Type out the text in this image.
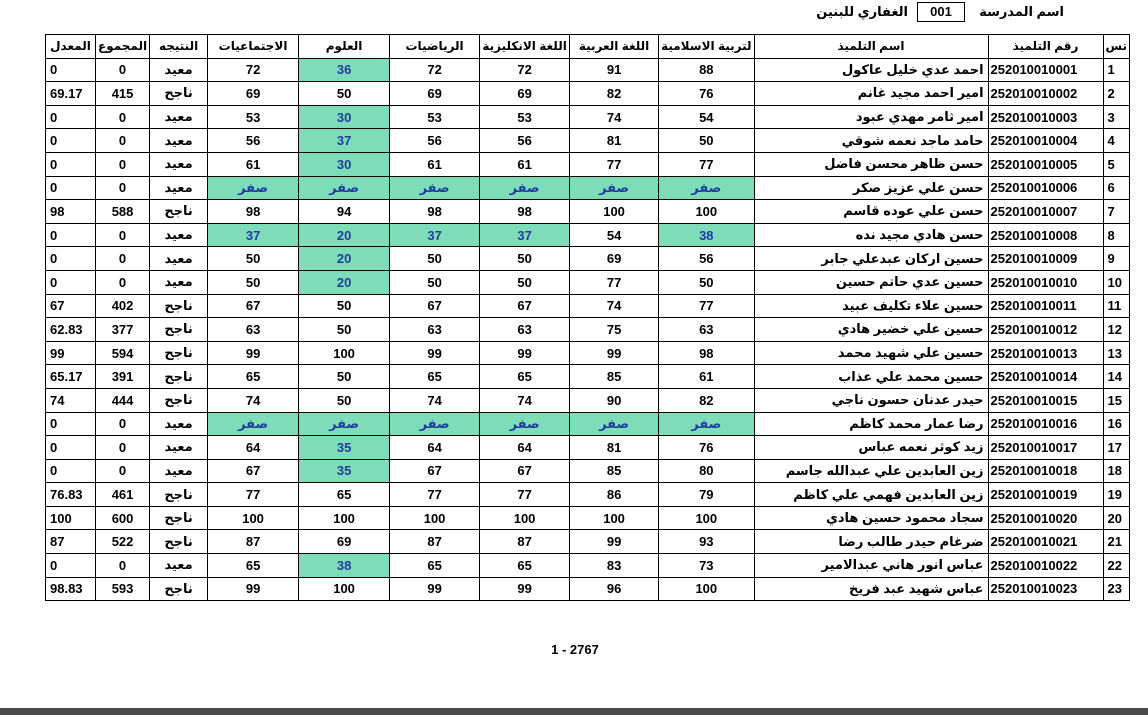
اسم المدرسة
001
الغفاري للبنين
المعدل	المجموع	النتيجه	الاجتماعيات	العلوم	الرياضيات	اللغة الانكليزية	اللغة العربية	لتربية الاسلامية	اسم التلميذ	رقم التلميذ	تس
0	0	معيد	72	36	72	72	91	88	احمد عدي خليل عاكول	252010010001	1
69.17	415	ناجح	69	50	69	69	82	76	امير احمد مجيد غانم	252010010002	2
0	0	معيد	53	30	53	53	74	54	امير ثامر مهدي عبود	252010010003	3
0	0	معيد	56	37	56	56	81	50	حامد ماجد نعمه شوقي	252010010004	4
0	0	معيد	61	30	61	61	77	77	حسن ظاهر محسن فاضل	252010010005	5
0	0	معيد	صفر	صفر	صفر	صفر	صفر	صفر	حسن علي عزيز صكر	252010010006	6
98	588	ناجح	98	94	98	98	100	100	حسن علي عوده قاسم	252010010007	7
0	0	معيد	37	20	37	37	54	38	حسن هادي مجيد نده	252010010008	8
0	0	معيد	50	20	50	50	69	56	حسين اركان عبدعلي جابر	252010010009	9
0	0	معيد	50	20	50	50	77	50	حسين عدي حاتم حسين	252010010010	10
67	402	ناجح	67	50	67	67	74	77	حسين علاء تكليف عبيد	252010010011	11
62.83	377	ناجح	63	50	63	63	75	63	حسين علي خضير هادي	252010010012	12
99	594	ناجح	99	100	99	99	99	98	حسين علي شهيد محمد	252010010013	13
65.17	391	ناجح	65	50	65	65	85	61	حسين محمد علي عذاب	252010010014	14
74	444	ناجح	74	50	74	74	90	82	حيدر عدنان حسون ناجي	252010010015	15
0	0	معيد	صفر	صفر	صفر	صفر	صفر	صفر	رضا عمار محمد كاظم	252010010016	16
0	0	معيد	64	35	64	64	81	76	زيد كوثر نعمه عباس	252010010017	17
0	0	معيد	67	35	67	67	85	80	زين العابدين علي عبدالله جاسم	252010010018	18
76.83	461	ناجح	77	65	77	77	86	79	زين العابدين فهمي علي كاظم	252010010019	19
100	600	ناجح	100	100	100	100	100	100	سجاد محمود حسين هادي	252010010020	20
87	522	ناجح	87	69	87	87	99	93	ضرغام حيدر طالب رضا	252010010021	21
0	0	معيد	65	38	65	65	83	73	عباس انور هاني عبدالامير	252010010022	22
98.83	593	ناجح	99	100	99	99	96	100	عباس شهيد عبد فريخ	252010010023	23
1 - 2767
